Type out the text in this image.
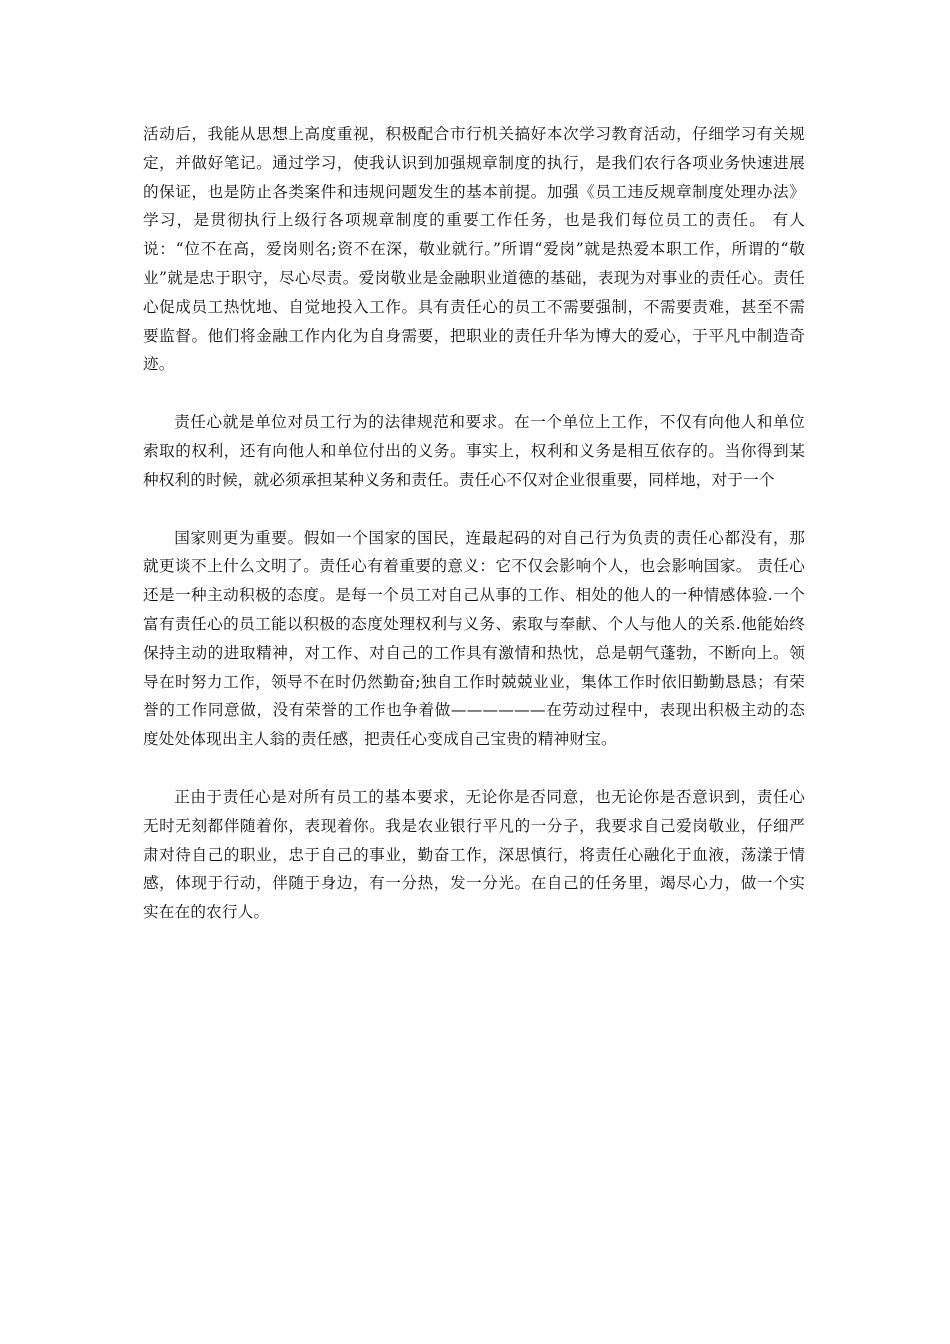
活动后，我能从思想上高度重视，积极配合市行机关搞好本次学习教育活动，仔细学习有关规定，并做好笔记。通过学习，使我认识到加强规章制度的执行，是我们农行各项业务快速进展的保证，也是防止各类案件和违规问题发生的基本前提。加强《员工违反规章制度处理办法》学习，是贯彻执行上级行各项规章制度的重要工作任务，也是我们每位员工的责任。 有人说：“位不在高，爱岗则名;资不在深，敬业就行。”所谓“爱岗”就是热爱本职工作，所谓的“敬业”就是忠于职守，尽心尽责。爱岗敬业是金融职业道德的基础，表现为对事业的责任心。责任心促成员工热忱地、自觉地投入工作。具有责任心的员工不需要强制，不需要责难，甚至不需要监督。他们将金融工作内化为自身需要，把职业的责任升华为博大的爱心，于平凡中制造奇迹。

责任心就是单位对员工行为的法律规范和要求。在一个单位上工作，不仅有向他人和单位索取的权利，还有向他人和单位付出的义务。事实上，权利和义务是相互依存的。当你得到某种权利的时候，就必须承担某种义务和责任。责任心不仅对企业很重要，同样地，对于一个

国家则更为重要。假如一个国家的国民，连最起码的对自己行为负责的责任心都没有，那就更谈不上什么文明了。责任心有着重要的意义：它不仅会影响个人，也会影响国家。 责任心还是一种主动积极的态度。是每一个员工对自己从事的工作、相处的他人的一种情感体验.一个富有责任心的员工能以积极的态度处理权利与义务、索取与奉献、个人与他人的关系.他能始终保持主动的进取精神，对工作、对自己的工作具有激情和热忱，总是朝气蓬勃，不断向上。领导在时努力工作，领导不在时仍然勤奋;独自工作时兢兢业业，集体工作时依旧勤勤恳恳；有荣誉的工作同意做，没有荣誉的工作也争着做——————在劳动过程中，表现出积极主动的态度处处体现出主人翁的责任感，把责任心变成自己宝贵的精神财宝。

正由于责任心是对所有员工的基本要求，无论你是否同意，也无论你是否意识到，责任心无时无刻都伴随着你，表现着你。我是农业银行平凡的一分子，我要求自己爱岗敬业，仔细严肃对待自己的职业，忠于自己的事业，勤奋工作，深思慎行，将责任心融化于血液，荡漾于情感，体现于行动，伴随于身边，有一分热，发一分光。在自己的任务里，竭尽心力，做一个实实在在的农行人。
